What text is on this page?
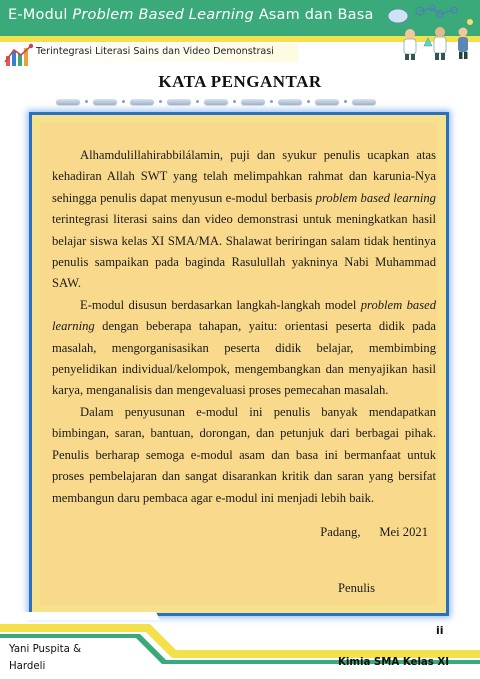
E-Modul Problem Based Learning Asam dan Basa
Terintegrasi Literasi Sains dan Video Demonstrasi
KATA PENGANTAR

Alhamdulillahirabbilálamin, puji dan syukur penulis ucapkan atas kehadiran Allah SWT yang telah melimpahkan rahmat dan karunia-Nya sehingga penulis dapat menyusun e-modul berbasis problem based learning terintegrasi literasi sains dan video demonstrasi untuk meningkatkan hasil belajar siswa kelas XI SMA/MA. Shalawat beriringan salam tidak hentinya penulis sampaikan pada baginda Rasulullah yakninya Nabi Muhammad SAW.

E-modul disusun berdasarkan langkah-langkah model problem based learning dengan beberapa tahapan, yaitu: orientasi peserta didik pada masalah, mengorganisasikan peserta didik belajar, membimbing penyelidikan individual/kelompok, mengembangkan dan menyajikan hasil karya, menganalisis dan mengevaluasi proses pemecahan masalah.

Dalam penyusunan e-modul ini penulis banyak mendapatkan bimbingan, saran, bantuan, dorongan, dan petunjuk dari berbagai pihak. Penulis berharap semoga e-modul asam dan basa ini bermanfaat untuk proses pembelajaran dan sangat disarankan kritik dan saran yang bersifat membangun daru pembaca agar e-modul ini menjadi lebih baik.

Padang,      Mei 2021
Penulis
ii
Yani Puspita &
Hardeli	Kimia SMA Kelas XI
